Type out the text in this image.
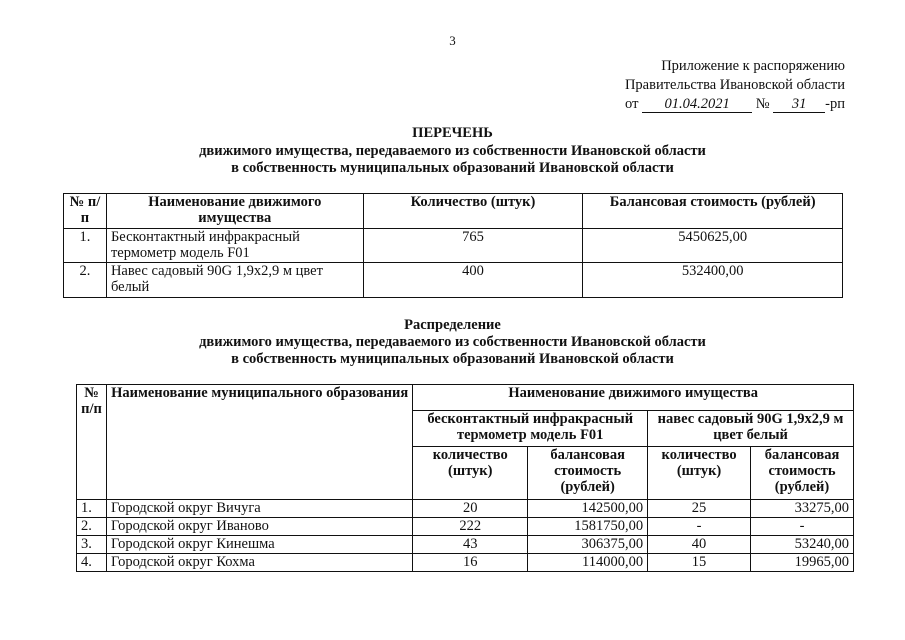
3
Приложение к распоряжению
Правительства Ивановской области
от 01.04.2021 № 31 -рп
ПЕРЕЧЕНЬ
движимого имущества, передаваемого из собственности Ивановской области
в собственность муниципальных образований Ивановской области
№ п/п	Наименование движимого имущества	Количество (штук)	Балансовая стоимость (рублей)
1.	Бесконтактный инфракрасный термометр модель F01	765	5450625,00
2.	Навес садовый 90G 1,9х2,9 м цвет белый	400	532400,00
Распределение
движимого имущества, передаваемого из собственности Ивановской области
в собственность муниципальных образований Ивановской области
№ п/п	Наименование муниципального образования	Наименование движимого имущества			
		бесконтактный инфракрасный термометр модель F01		навес садовый 90G 1,9х2,9 м цвет белый	
		количество (штук)	балансовая стоимость (рублей)	количество (штук)	балансовая стоимость (рублей)
1.	Городской округ Вичуга	20	142500,00	25	33275,00
2.	Городской округ Иваново	222	1581750,00	-	-
3.	Городской округ Кинешма	43	306375,00	40	53240,00
4.	Городской округ Кохма	16	114000,00	15	19965,00
